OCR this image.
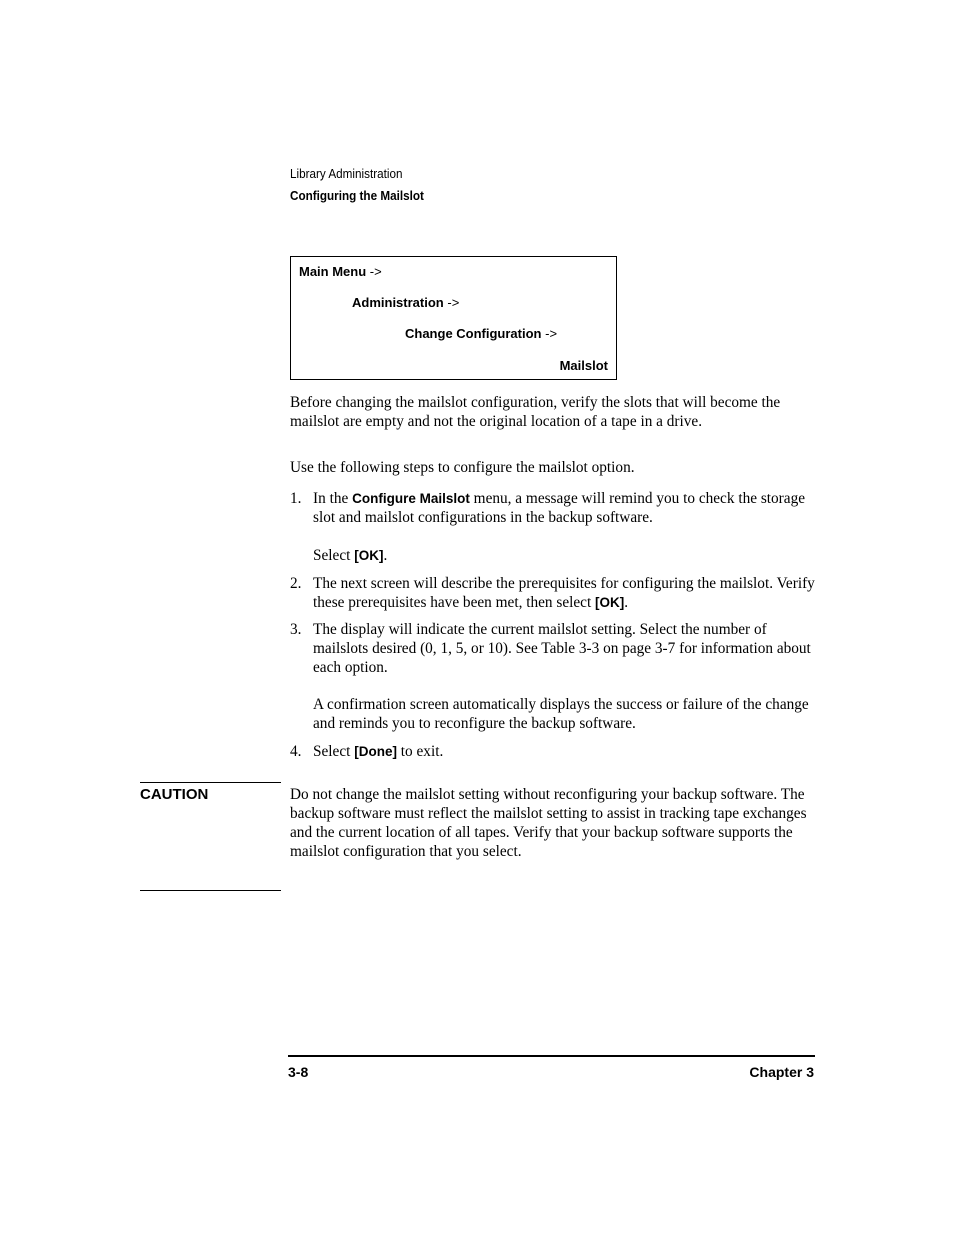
Library Administration
Configuring the Mailslot
Main Menu ->
Administration ->
Change Configuration ->
Mailslot
Before changing the mailslot configuration, verify the slots that will become the mailslot are empty and not the original location of a tape in a drive.
Use the following steps to configure the mailslot option.
1. In the Configure Mailslot menu, a message will remind you to check the storage slot and mailslot configurations in the backup software.
Select [OK].
2. The next screen will describe the prerequisites for configuring the mailslot. Verify these prerequisites have been met, then select [OK].
3. The display will indicate the current mailslot setting. Select the number of mailslots desired (0, 1, 5, or 10). See Table 3-3 on page 3-7 for information about each option.
A confirmation screen automatically displays the success or failure of the change and reminds you to reconfigure the backup software.
4. Select [Done] to exit.
CAUTION	Do not change the mailslot setting without reconfiguring your backup software. The backup software must reflect the mailslot setting to assist in tracking tape exchanges and the current location of all tapes. Verify that your backup software supports the mailslot configuration that you select.
3-8	Chapter 3
